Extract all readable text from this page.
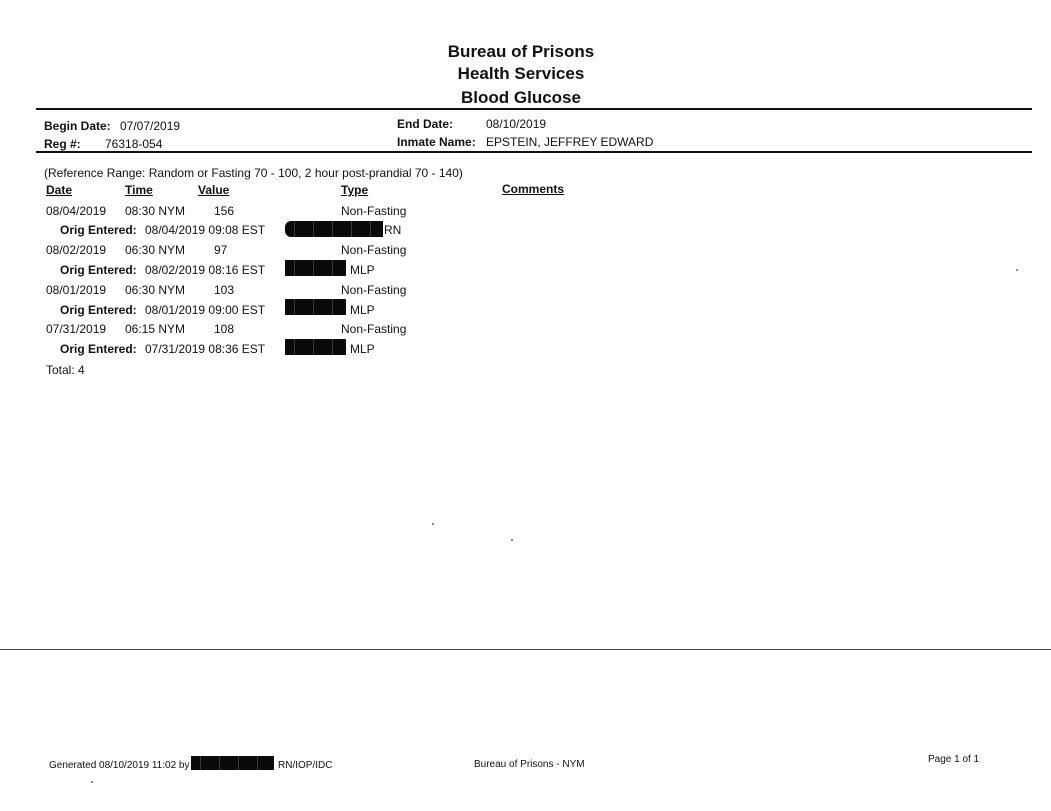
Bureau of Prisons
Health Services
Blood Glucose
Begin Date: 07/07/2019
Reg #: 76318-054
End Date:	08/10/2019
Inmate Name: EPSTEIN, JEFFREY EDWARD
(Reference Range: Random or Fasting 70 - 100, 2 hour post-prandial 70 - 140)
Date	Time	Value	Type	Comments
08/04/2019 08:30 NYM 156	Non-Fasting
Orig Entered: 08/04/2019 09:08 EST	RN
08/02/2019 06:30 NYM 97	Non-Fasting
Orig Entered: 08/02/2019 08:16 EST	MLP
08/01/2019 06:30 NYM 103	Non-Fasting
Orig Entered: 08/01/2019 09:00 EST	MLP
07/31/2019 06:15 NYM 108	Non-Fasting
Orig Entered: 07/31/2019 08:36 EST	MLP
Total: 4
Generated 08/10/2019 11:02 by	RN/IOP/IDC	Bureau of Prisons - NYM	Page 1 of 1
